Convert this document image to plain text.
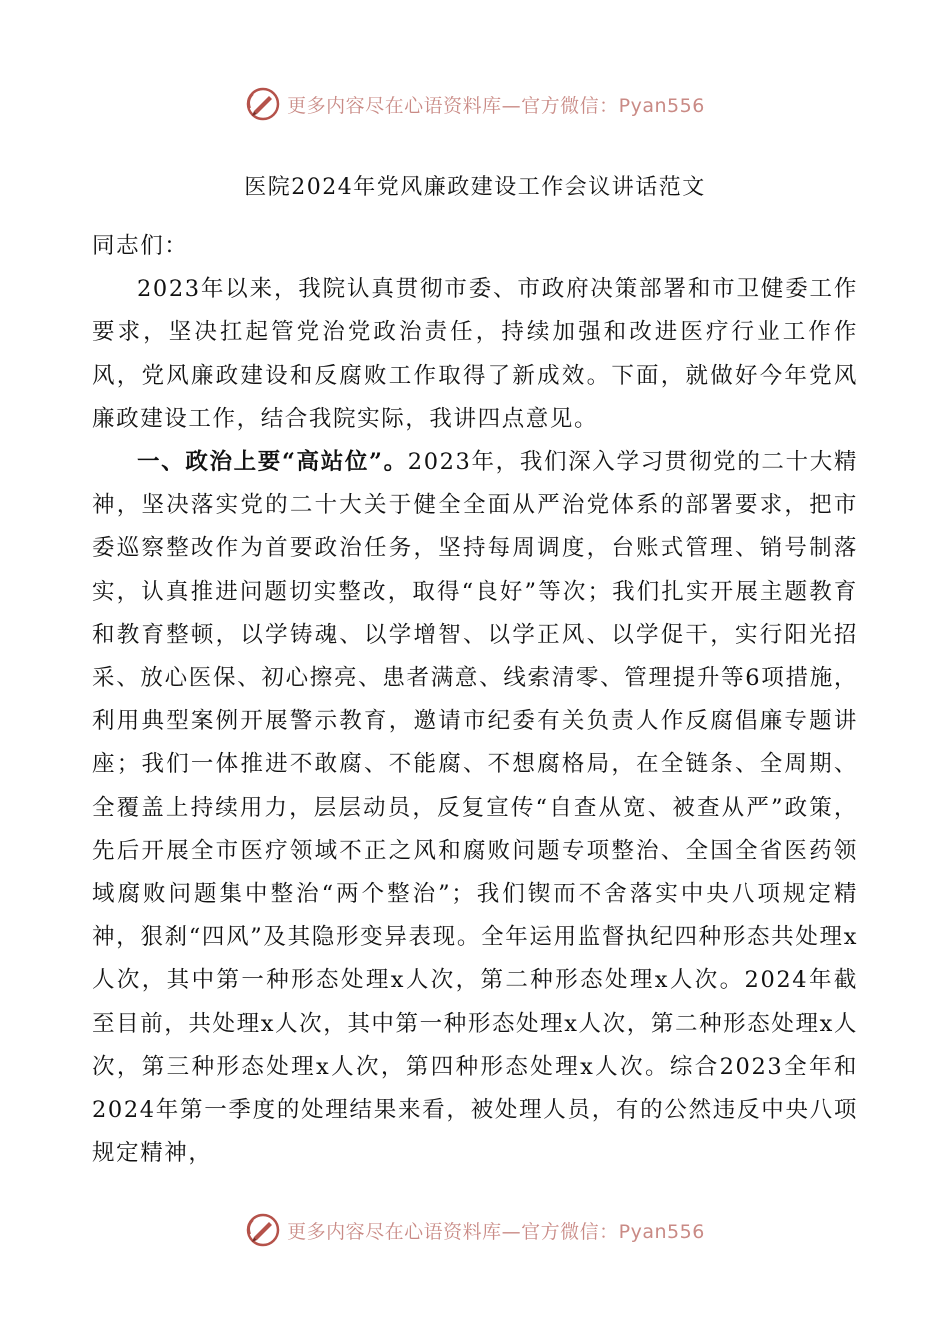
更多内容尽在心语资料库—官方微信：Pyan556
医院2024年党风廉政建设工作会议讲话范文

同志们：

2023年以来，我院认真贯彻市委、市政府决策部署和市卫健委工作要求，坚决扛起管党治党政治责任，持续加强和改进医疗行业工作作风，党风廉政建设和反腐败工作取得了新成效。下面，就做好今年党风廉政建设工作，结合我院实际，我讲四点意见。

一、政治上要“高站位”。2023年，我们深入学习贯彻党的二十大精神，坚决落实党的二十大关于健全全面从严治党体系的部署要求，把市委巡察整改作为首要政治任务，坚持每周调度，台账式管理、销号制落实，认真推进问题切实整改，取得“良好”等次；我们扎实开展主题教育和教育整顿，以学铸魂、以学增智、以学正风、以学促干，实行阳光招采、放心医保、初心擦亮、患者满意、线索清零、管理提升等6项措施，利用典型案例开展警示教育，邀请市纪委有关负责人作反腐倡廉专题讲座；我们一体推进不敢腐、不能腐、不想腐格局，在全链条、全周期、全覆盖上持续用力，层层动员，反复宣传“自查从宽、被查从严”政策，先后开展全市医疗领域不正之风和腐败问题专项整治、全国全省医药领域腐败问题集中整治“两个整治”；我们锲而不舍落实中央八项规定精神，狠刹“四风”及其隐形变异表现。全年运用监督执纪四种形态共处理x人次，其中第一种形态处理x人次，第二种形态处理x人次。2024年截至目前，共处理x人次，其中第一种形态处理x人次，第二种形态处理x人次，第三种形态处理x人次，第四种形态处理x人次。综合2023全年和2024年第一季度的处理结果来看，被处理人员，有的公然违反中央八项规定精神，

更多内容尽在心语资料库—官方微信：Pyan556
